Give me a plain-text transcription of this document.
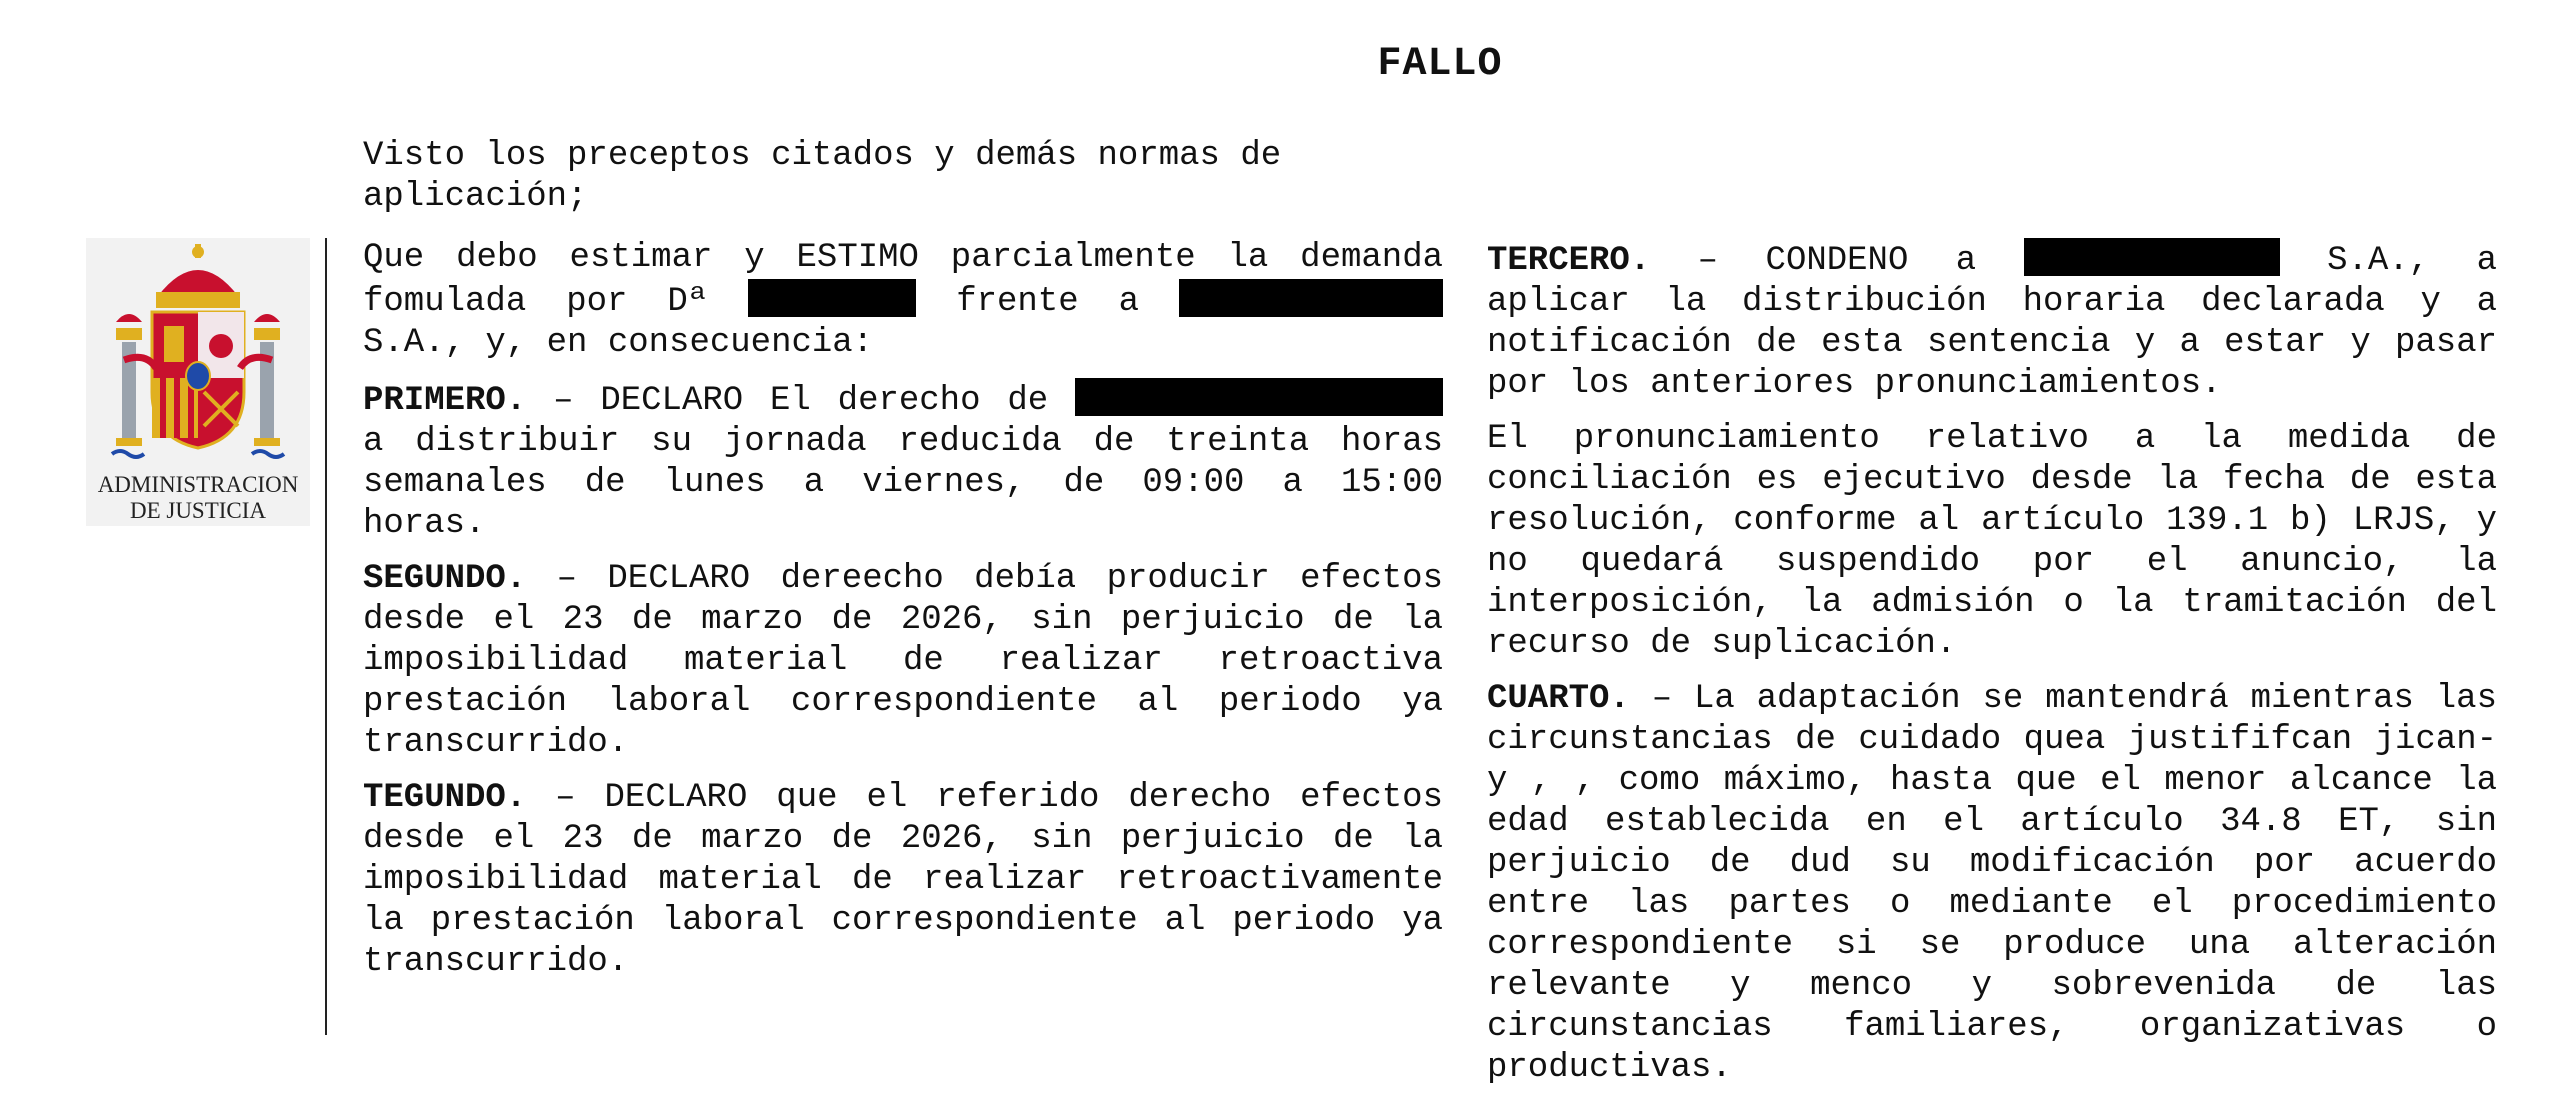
FALLO
Visto los preceptos citados y demás normas de aplicación;
ADMINISTRACION
DE JUSTICIA

Que debo estimar y ESTIMO parcialmente la demanda fomulada por Dª	frente a  S.A., y, en consecuencia:

PRIMERO. – DECLARO El derecho de  a distribuir su jornada reducida de treinta horas semanales de lunes a viernes, de 09:00 a 15:00 horas.

SEGUNDO. – DECLARO dereecho debía producir efectos desde el 23 de marzo de 2026, sin perjuicio de la imposibilidad material de realizar retroactiva prestación laboral correspondiente al periodo ya transcurrido.

TEGUNDO. – DECLARO que el referido derecho efectos desde el 23 de marzo de 2026, sin perjuicio de la imposibilidad material de realizar retroactivamente la prestación laboral correspondiente al periodo ya transcurrido.

TERCERO. – CONDENO a	S.A., a aplicar la distribución horaria declarada y a notificación de esta sentencia y a estar y pasar por los anteriores pronunciamientos.

El pronunciamiento relativo a la medida de conciliación es ejecutivo desde la fecha de esta resolución, conforme al artículo 139.1 b) LRJS, y no quedará suspendido por el anuncio, la interposición, la admisión o la tramitación del recurso de suplicación.

CUARTO. – La adaptación se mantendrá mientras las circunstancias de cuidado quea justififcan jican-y , , como máximo, hasta que el menor alcance la edad establecida en el artículo 34.8 ET, sin perjuicio de dud su modificación por acuerdo entre las partes o mediante el procedimiento correspondiente si se produce una alteración relevante y menco y sobrevenida de las circunstancias familiares, organizativas o productivas.
